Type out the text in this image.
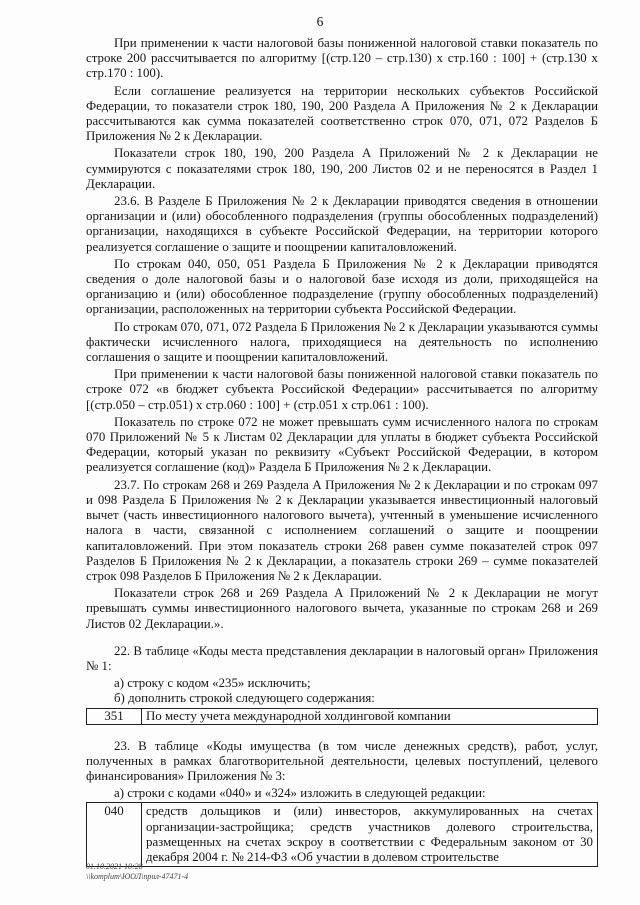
6

При применении к части налоговой базы пониженной налоговой ставки показатель по строке 200 рассчитывается по алгоритму [(стр.120 – стр.130) х стр.160 : 100] + (стр.130 х стр.170 : 100).

Если соглашение реализуется на территории нескольких субъектов Российской Федерации, то показатели строк 180, 190, 200 Раздела А Приложения № 2 к Декларации рассчитываются как сумма показателей соответственно строк 070, 071, 072 Разделов Б Приложения № 2 к Декларации.

Показатели строк 180, 190, 200 Раздела А Приложений № 2 к Декларации не суммируются с показателями строк 180, 190, 200 Листов 02 и не переносятся в Раздел 1 Декларации.

23.6. В Разделе Б Приложения № 2 к Декларации приводятся сведения в отношении организации и (или) обособленного подразделения (группы обособленных подразделений) организации, находящихся в субъекте Российской Федерации, на территории которого реализуется соглашение о защите и поощрении капиталовложений.

По строкам 040, 050, 051 Раздела Б Приложения № 2 к Декларации приводятся сведения о доле налоговой базы и о налоговой базе исходя из доли, приходящейся на организацию и (или) обособленное подразделение (группу обособленных подразделений) организации, расположенных на территории субъекта Российской Федерации.

По строкам 070, 071, 072 Раздела Б Приложения № 2 к Декларации указываются суммы фактически исчисленного налога, приходящиеся на деятельность по исполнению соглашения о защите и поощрении капиталовложений.

При применении к части налоговой базы пониженной налоговой ставки показатель по строке 072 «в бюджет субъекта Российской Федерации» рассчитывается по алгоритму [(стр.050 – стр.051) х стр.060 : 100] + (стр.051 х стр.061 : 100).

Показатель по строке 072 не может превышать сумм исчисленного налога по строкам 070 Приложений № 5 к Листам 02 Декларации для уплаты в бюджет субъекта Российской Федерации, который указан по реквизиту «Субъект Российской Федерации, в котором реализуется соглашение (код)» Раздела Б Приложения № 2 к Декларации.

23.7. По строкам 268 и 269 Раздела А Приложения № 2 к Декларации и по строкам 097 и 098 Раздела Б Приложения № 2 к Декларации указывается инвестиционный налоговый вычет (часть инвестиционного налогового вычета), учтенный в уменьшение исчисленного налога в части, связанной с исполнением соглашений о защите и поощрении капиталовложений. При этом показатель строки 268 равен сумме показателей строк 097 Разделов Б Приложения № 2 к Декларации, а показатель строки 269 – сумме показателей строк 098 Разделов Б Приложения № 2 к Декларации.

Показатели строк 268 и 269 Раздела А Приложений № 2 к Декларации не могут превышать суммы инвестиционного налогового вычета, указанные по строкам 268 и 269 Листов 02 Декларации.».

22. В таблице «Коды места представления декларации в налоговый орган» Приложения № 1:

а) строку с кодом «235» исключить;

б) дополнить строкой следующего содержания:

351	По месту учета международной холдинговой компании

23. В таблице «Коды имущества (в том числе денежных средств), работ, услуг, полученных в рамках благотворительной деятельности, целевых поступлений, целевого финансирования» Приложения № 3:

а) строки с кодами «040» и «324» изложить в следующей редакции:

040	средств дольщиков и (или) инвесторов, аккумулированных на счетах организации-застройщика; средств участников долевого строительства, размещенных на счетах эскроу в соответствии с Федеральным законом от 30 декабря 2004 г. № 214-ФЗ «Об участии в долевом строительстве
01.10.2021 10:28
\\komplum\ЮОЛ\прил-47471-4
